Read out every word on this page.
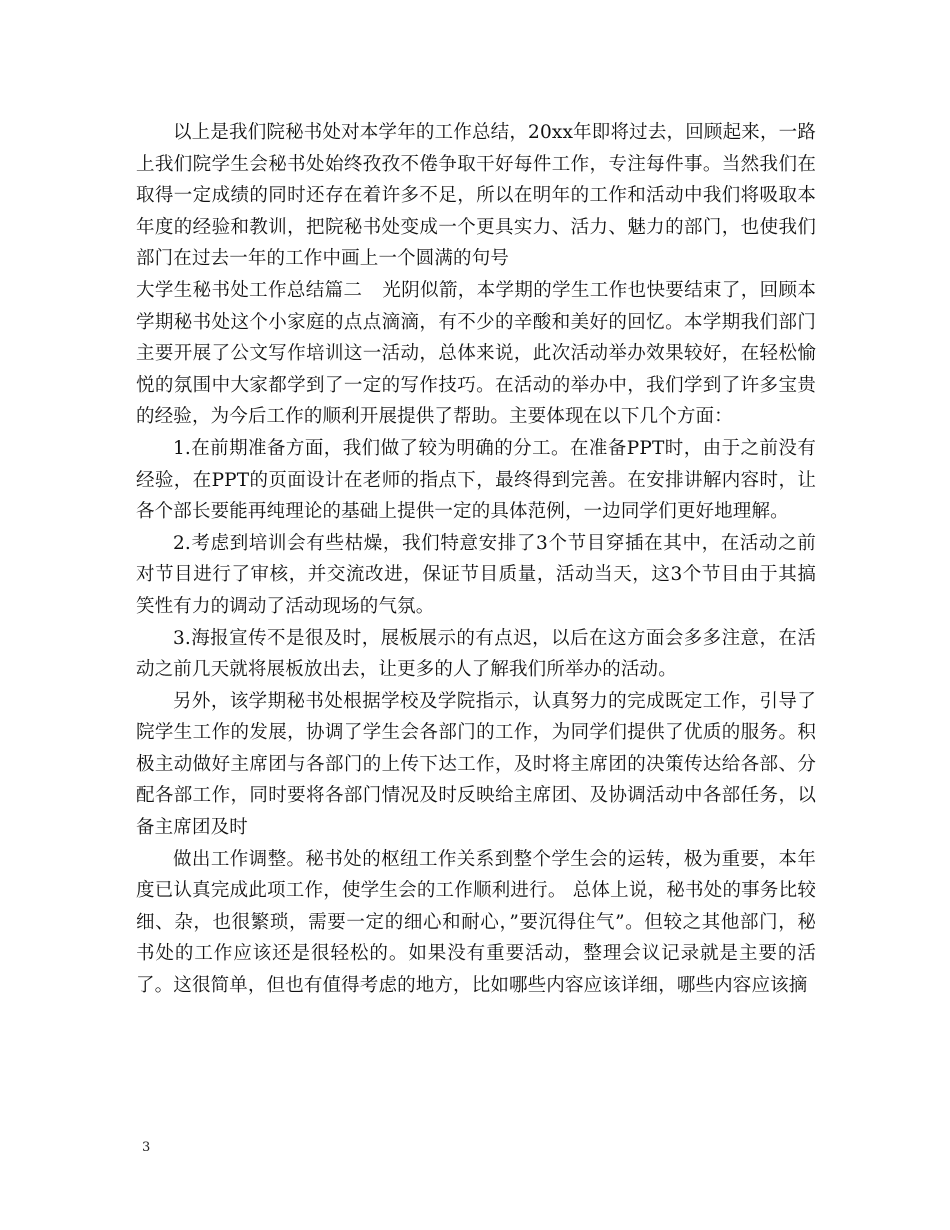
以上是我们院秘书处对本学年的工作总结，20xx年即将过去，回顾起来，一路上我们院学生会秘书处始终孜孜不倦争取干好每件工作，专注每件事。当然我们在取得一定成绩的同时还存在着许多不足，所以在明年的工作和活动中我们将吸取本年度的经验和教训，把院秘书处变成一个更具实力、活力、魅力的部门，也使我们部门在过去一年的工作中画上一个圆满的句号

大学生秘书处工作总结篇二 光阴似箭，本学期的学生工作也快要结束了，回顾本学期秘书处这个小家庭的点点滴滴，有不少的辛酸和美好的回忆。本学期我们部门主要开展了公文写作培训这一活动，总体来说，此次活动举办效果较好，在轻松愉悦的氛围中大家都学到了一定的写作技巧。在活动的举办中，我们学到了许多宝贵的经验，为今后工作的顺利开展提供了帮助。主要体现在以下几个方面：

1.在前期准备方面，我们做了较为明确的分工。在准备PPT时，由于之前没有经验，在PPT的页面设计在老师的指点下，最终得到完善。在安排讲解内容时，让各个部长要能再纯理论的基础上提供一定的具体范例，一边同学们更好地理解。

2.考虑到培训会有些枯燥，我们特意安排了3个节目穿插在其中，在活动之前对节目进行了审核，并交流改进，保证节目质量，活动当天，这3个节目由于其搞笑性有力的调动了活动现场的气氛。

3.海报宣传不是很及时，展板展示的有点迟，以后在这方面会多多注意，在活动之前几天就将展板放出去，让更多的人了解我们所举办的活动。

另外，该学期秘书处根据学校及学院指示，认真努力的完成既定工作，引导了院学生工作的发展，协调了学生会各部门的工作，为同学们提供了优质的服务。积极主动做好主席团与各部门的上传下达工作，及时将主席团的决策传达给各部、分配各部工作，同时要将各部门情况及时反映给主席团、及协调活动中各部任务，以备主席团及时

做出工作调整。秘书处的枢纽工作关系到整个学生会的运转，极为重要，本年度已认真完成此项工作，使学生会的工作顺利进行。 总体上说，秘书处的事务比较细、杂，也很繁琐，需要一定的细心和耐心，”要沉得住气”。但较之其他部门，秘书处的工作应该还是很轻松的。如果没有重要活动，整理会议记录就是主要的活了。这很简单，但也有值得考虑的地方，比如哪些内容应该详细，哪些内容应该摘

3
